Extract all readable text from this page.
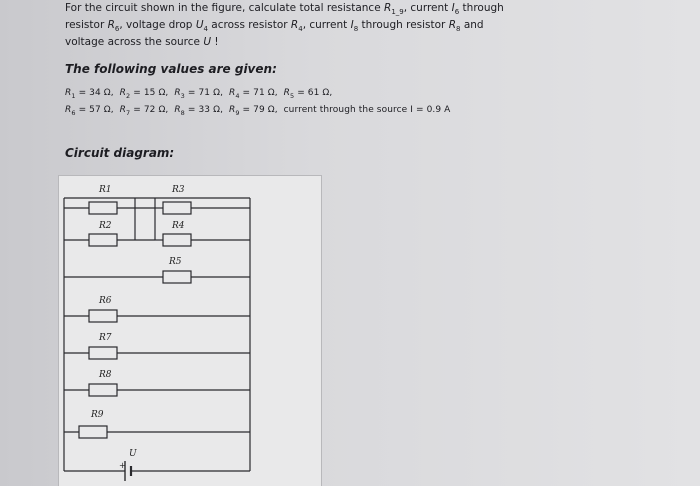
For the circuit shown in the figure, calculate total resistance $R_{1\_9}$, current $I_6$ through
resistor $R_6$, voltage drop $U_4$ across resistor $R_4$, current $I_8$ through resistor $R_8$ and
voltage across the source U !

The following values are given:

$R_1 = 34$ Ω, $R_2 = 15$ Ω, $R_3 = 71$ Ω, $R_4 = 71$ Ω, $R_5 = 61$ Ω,
$R_6 = 57$ Ω, $R_7 = 72$ Ω, $R_8 = 33$ Ω, $R_9 = 79$ Ω, current through the source I = 0.9 A

Circuit diagram:

R1	R3
R2	R4
R5
R6
R7
R8
R9
U
+
